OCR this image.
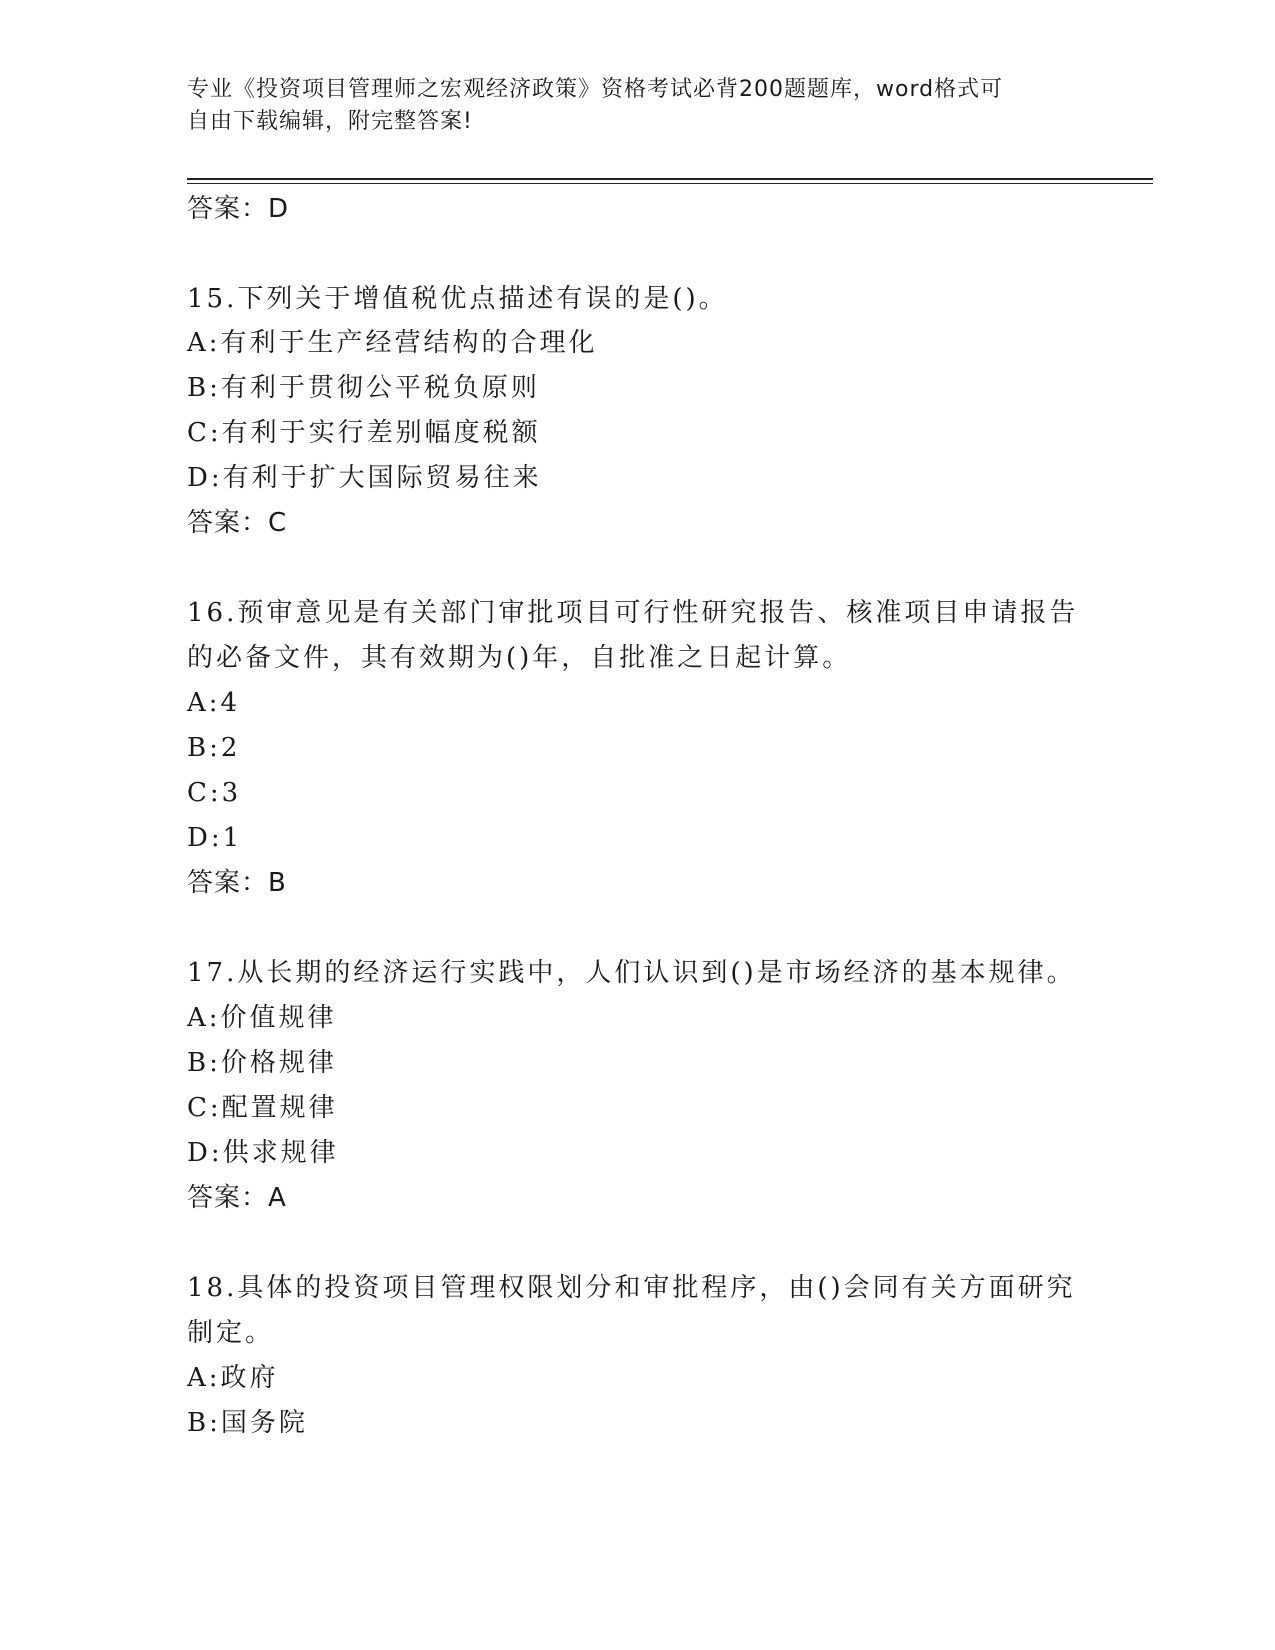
专业《投资项目管理师之宏观经济政策》资格考试必背200题题库，word格式可
自由下载编辑，附完整答案!
答案：D
15.下列关于增值税优点描述有误的是()。
A:有利于生产经营结构的合理化
B:有利于贯彻公平税负原则
C:有利于实行差别幅度税额
D:有利于扩大国际贸易往来
答案：C
16.预审意见是有关部门审批项目可行性研究报告、核准项目申请报告
的必备文件，其有效期为()年，自批准之日起计算。
A:4
B:2
C:3
D:1
答案：B
17.从长期的经济运行实践中，人们认识到()是市场经济的基本规律。
A:价值规律
B:价格规律
C:配置规律
D:供求规律
答案：A
18.具体的投资项目管理权限划分和审批程序，由()会同有关方面研究
制定。
A:政府
B:国务院
